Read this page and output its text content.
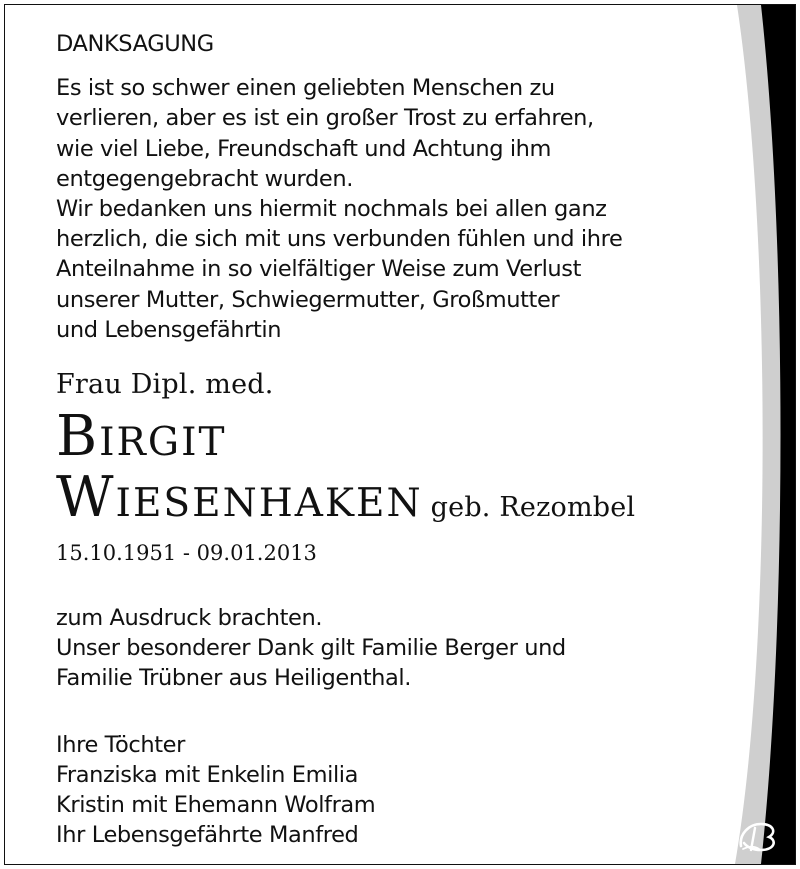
DANKSAGUNG

Es ist so schwer einen geliebten Menschen zu

verlieren, aber es ist ein großer Trost zu erfahren,

wie viel Liebe, Freundschaft und Achtung ihm

entgegengebracht wurden.

Wir bedanken uns hiermit nochmals bei allen ganz

herzlich, die sich mit uns verbunden fühlen und ihre

Anteilnahme in so vielfältiger Weise zum Verlust

unserer Mutter, Schwiegermutter, Großmutter

und Lebensgefährtin

Frau Dipl. med.
Birgit
Wiesenhaken geb. Rezombel
15.10.1951 - 09.01.2013

zum Ausdruck brachten.

Unser besonderer Dank gilt Familie Berger und

Familie Trübner aus Heiligenthal.

Ihre Töchter

Franziska mit Enkelin Emilia

Kristin mit Ehemann Wolfram

Ihr Lebensgefährte Manfred
